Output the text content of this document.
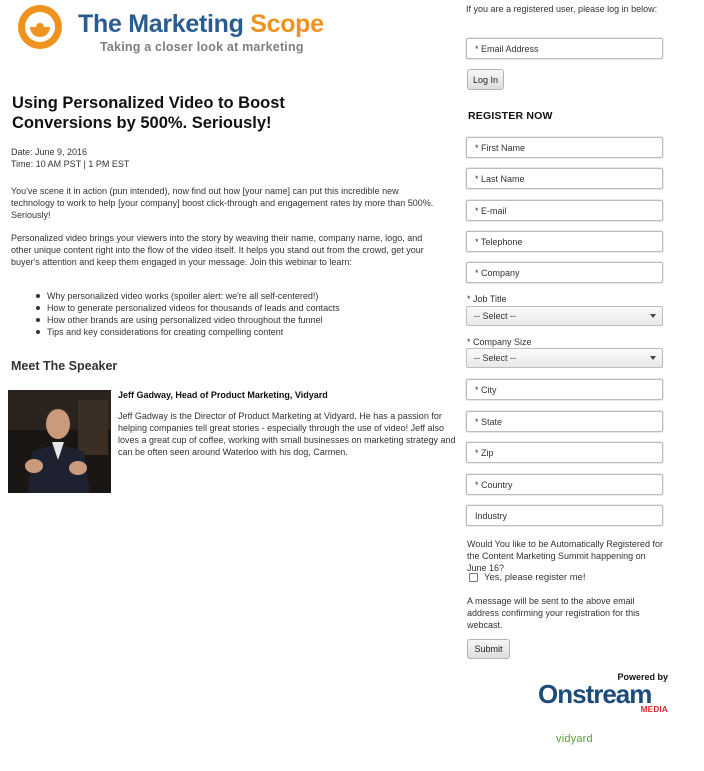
The Marketing Scope
Taking a closer look at marketing
Using Personalized Video to Boost Conversions by 500%. Seriously!
Date: June 9, 2016
Time: 10 AM PST | 1 PM EST

You've scene it in action (pun intended), now find out how [your name] can put this incredible new technology to work to help [your company] boost click-through and engagement rates by more than 500%. Seriously!

Personalized video brings your viewers into the story by weaving their name, company name, logo, and other unique content right into the flow of the video itself. It helps you stand out from the crowd, get your buyer's attention and keep them engaged in your message. Join this webinar to learn:

Why personalized video works (spoiler alert: we're all self-centered!)
How to generate personalized videos for thousands of leads and contacts
How other brands are using personalized video throughout the funnel
Tips and key considerations for creating compelling content
Meet The Speaker
Jeff Gadway, Head of Product Marketing, Vidyard

Jeff Gadway is the Director of Product Marketing at Vidyard. He has a passion for helping companies tell great stories - especially through the use of video! Jeff also loves a great cup of coffee, working with small businesses on marketing strategy and can be often seen around Waterloo with his dog, Carmen.

If you are a registered user, please log in below:
* Email Address
Log In
REGISTER NOW
* First Name
* Last Name
* E-mail
* Telephone
* Company
* Job Title
-- Select --
* Company Size
-- Select --
* City
* State
* Zip
* Country
Industry
Would You like to be Automatically Registered for the Content Marketing Summit happening on June 16?
Yes, please register me!
A message will be sent to the above email address confirming your registration for this webcast.
Submit
Powered by
Onstream
MEDIA
vidyard
